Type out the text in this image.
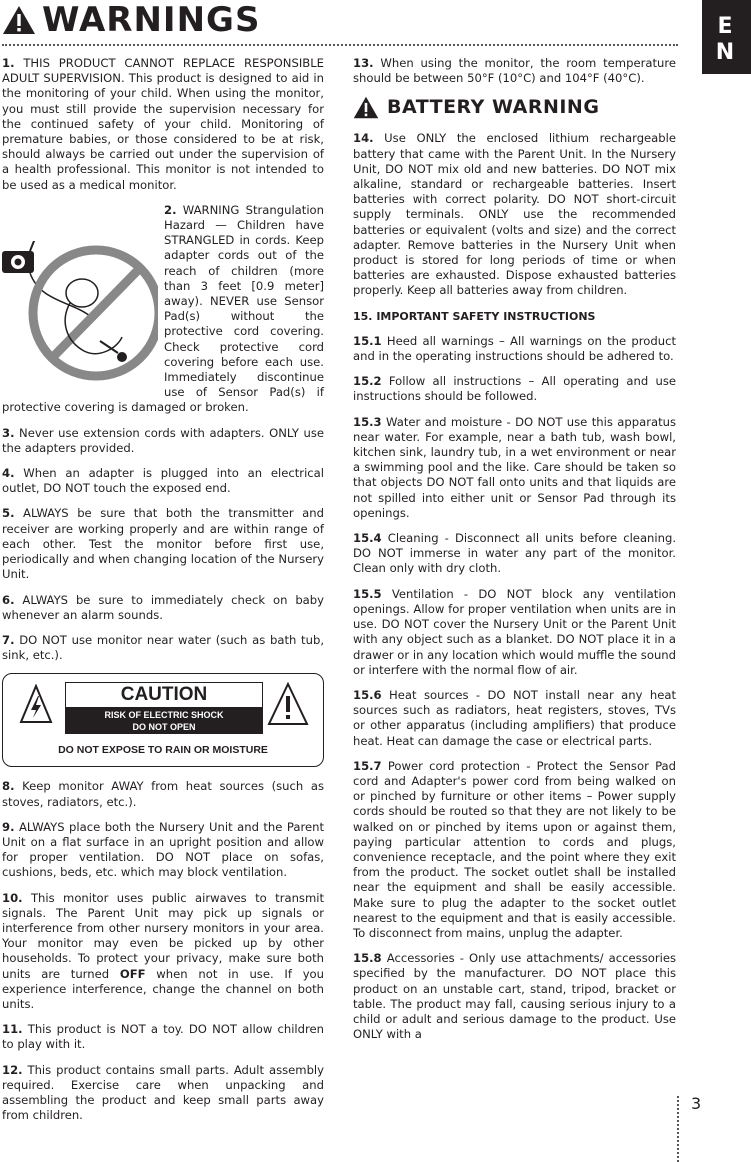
WARNINGS	E N

1. THIS PRODUCT CANNOT REPLACE RESPONSIBLE ADULT SUPERVISION. This product is designed to aid in the monitoring of your child. When using the monitor, you must still provide the supervision necessary for the continued safety of your child. Monitoring of premature babies, or those considered to be at risk, should always be carried out under the supervision of a health professional. This monitor is not intended to be used as a medical monitor.

2. WARNING Strangulation Hazard — Children have STRANGLED in cords. Keep adapter cords out of the reach of children (more than 3 feet [0.9 meter] away). NEVER use Sensor Pad(s) without the protective cord covering. Check protective cord covering before each use. Immediately discontinue use of Sensor Pad(s) if protective covering is damaged or broken.

3. Never use extension cords with adapters. ONLY use the adapters provided.

4. When an adapter is plugged into an electrical outlet, DO NOT touch the exposed end.

5. ALWAYS be sure that both the transmitter and receiver are working properly and are within range of each other. Test the monitor before first use, periodically and when changing location of the Nursery Unit.

6. ALWAYS be sure to immediately check on baby whenever an alarm sounds.

7. DO NOT use monitor near water (such as bath tub, sink, etc.).

CAUTION
RISK OF ELECTRIC SHOCK
DO NOT OPEN
DO NOT EXPOSE TO RAIN OR MOISTURE

8. Keep monitor AWAY from heat sources (such as stoves, radiators, etc.).

9. ALWAYS place both the Nursery Unit and the Parent Unit on a flat surface in an upright position and allow for proper ventilation. DO NOT place on sofas, cushions, beds, etc. which may block ventilation.

10. This monitor uses public airwaves to transmit signals. The Parent Unit may pick up signals or interference from other nursery monitors in your area. Your monitor may even be picked up by other households. To protect your privacy, make sure both units are turned OFF when not in use. If you experience interference, change the channel on both units.

11. This product is NOT a toy. DO NOT allow children to play with it.

12. This product contains small parts. Adult assembly required. Exercise care when unpacking and assembling the product and keep small parts away from children.

13. When using the monitor, the room temperature should be between 50°F (10°C) and 104°F (40°C).

BATTERY WARNING

14. Use ONLY the enclosed lithium rechargeable battery that came with the Parent Unit. In the Nursery Unit, DO NOT mix old and new batteries. DO NOT mix alkaline, standard or rechargeable batteries. Insert batteries with correct polarity. DO NOT short-circuit supply terminals. ONLY use the recommended batteries or equivalent (volts and size) and the correct adapter. Remove batteries in the Nursery Unit when product is stored for long periods of time or when batteries are exhausted. Dispose exhausted batteries properly. Keep all batteries away from children.

15. IMPORTANT SAFETY INSTRUCTIONS

15.1 Heed all warnings – All warnings on the product and in the operating instructions should be adhered to.

15.2 Follow all instructions – All operating and use instructions should be followed.

15.3 Water and moisture - DO NOT use this apparatus near water. For example, near a bath tub, wash bowl, kitchen sink, laundry tub, in a wet environment or near a swimming pool and the like. Care should be taken so that objects DO NOT fall onto units and that liquids are not spilled into either unit or Sensor Pad through its openings.

15.4 Cleaning - Disconnect all units before cleaning. DO NOT immerse in water any part of the monitor. Clean only with dry cloth.

15.5 Ventilation - DO NOT block any ventilation openings. Allow for proper ventilation when units are in use. DO NOT cover the Nursery Unit or the Parent Unit with any object such as a blanket. DO NOT place it in a drawer or in any location which would muffle the sound or interfere with the normal flow of air.

15.6 Heat sources - DO NOT install near any heat sources such as radiators, heat registers, stoves, TVs or other apparatus (including amplifiers) that produce heat. Heat can damage the case or electrical parts.

15.7 Power cord protection - Protect the Sensor Pad cord and Adapter's power cord from being walked on or pinched by furniture or other items – Power supply cords should be routed so that they are not likely to be walked on or pinched by items upon or against them, paying particular attention to cords and plugs, convenience receptacle, and the point where they exit from the product. The socket outlet shall be installed near the equipment and shall be easily accessible. Make sure to plug the adapter to the socket outlet nearest to the equipment and that is easily accessible. To disconnect from mains, unplug the adapter.

15.8 Accessories - Only use attachments/ accessories specified by the manufacturer. DO NOT place this product on an unstable cart, stand, tripod, bracket or table. The product may fall, causing serious injury to a child or adult and serious damage to the product. Use ONLY with a

3
